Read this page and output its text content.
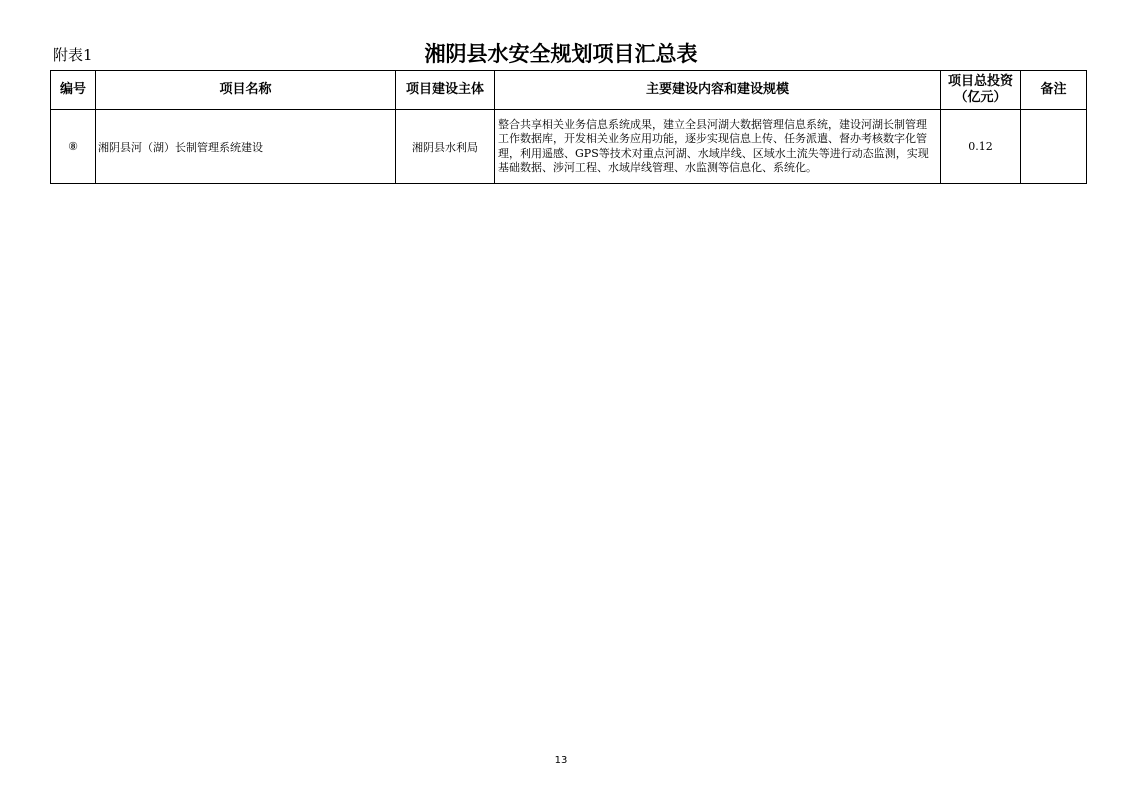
附表1	湘阴县水安全规划项目汇总表
编号	项目名称	项目建设主体	主要建设内容和建设规模	项目总投资（亿元）	备注
⑧	湘阴县河（湖）长制管理系统建设	湘阴县水利局	整合共享相关业务信息系统成果，建立全县河湖大数据管理信息系统，建设河湖长制管理工作数据库，开发相关业务应用功能，逐步实现信息上传、任务派遣、督办考核数字化管理，利用遥感、GPS等技术对重点河湖、水域岸线、区域水土流失等进行动态监测，实现基础数据、涉河工程、水域岸线管理、水监测等信息化、系统化。	0.12	
13
